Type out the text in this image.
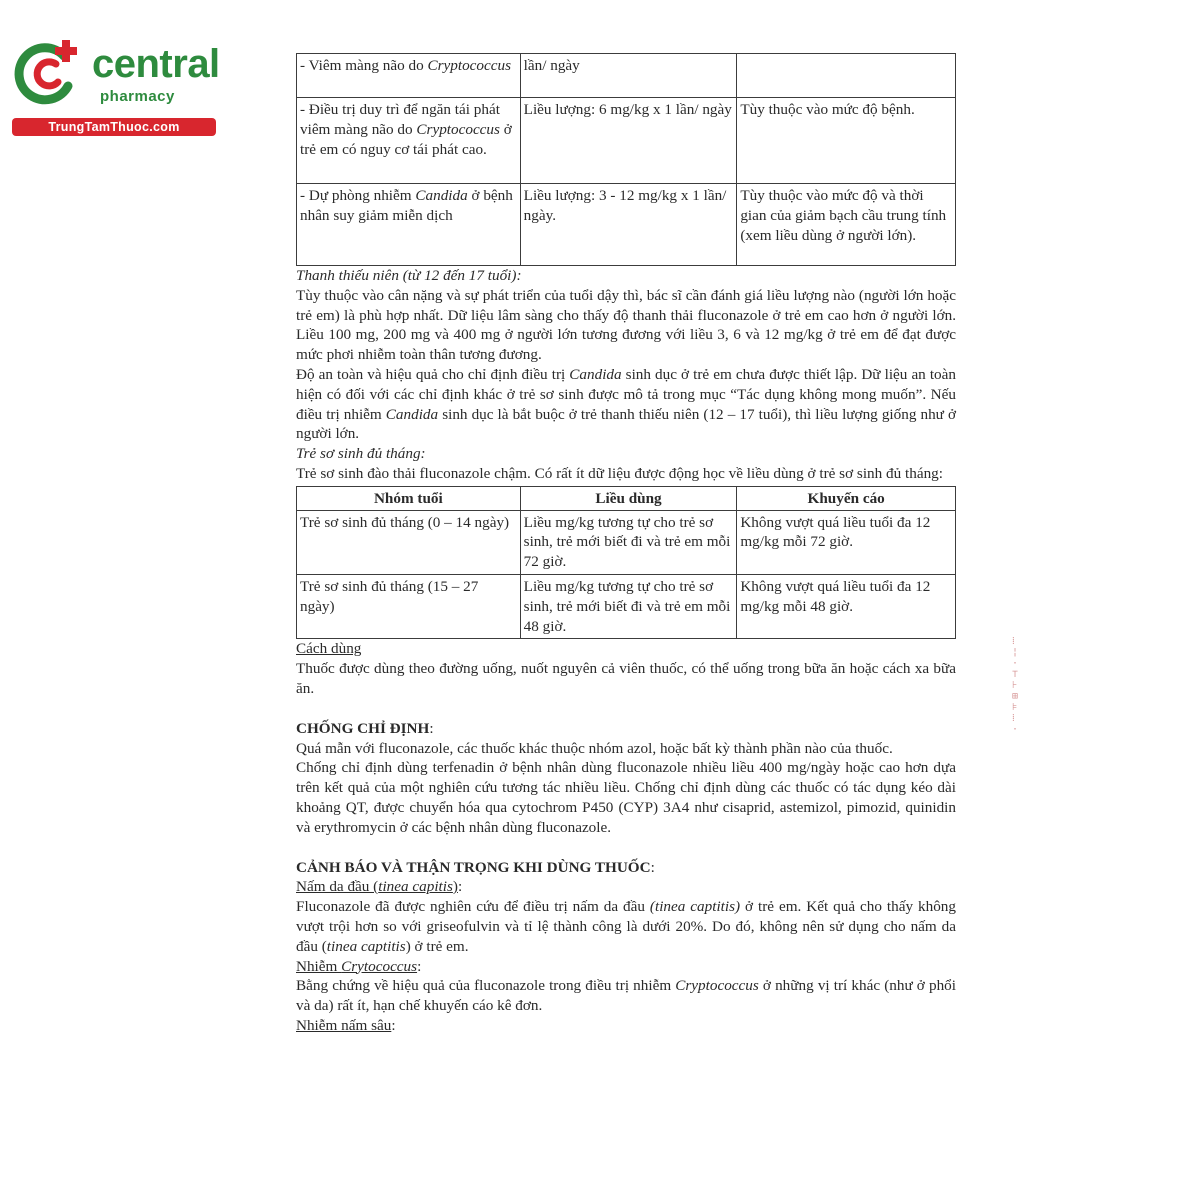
central
pharmacy
TrungTamThuoc.com
- Viêm màng não do Cryptococcus	lần/ ngày	
- Điều trị duy trì để ngăn tái phát viêm màng não do Cryptococcus ở trẻ em có nguy cơ tái phát cao.	Liều lượng: 6 mg/kg x 1 lần/ ngày	Tùy thuộc vào mức độ bệnh.
- Dự phòng nhiễm Candida ở bệnh nhân suy giảm miễn dịch	Liều lượng: 3 - 12 mg/kg x 1 lần/ ngày.	Tùy thuộc vào mức độ và thời gian của giảm bạch cầu trung tính (xem liều dùng ở người lớn).

Thanh thiếu niên (từ 12 đến 17 tuổi):

Tùy thuộc vào cân nặng và sự phát triển của tuổi dậy thì, bác sĩ cần đánh giá liều lượng nào (người lớn hoặc trẻ em) là phù hợp nhất. Dữ liệu lâm sàng cho thấy độ thanh thải fluconazole ở trẻ em cao hơn ở người lớn. Liều 100 mg, 200 mg và 400 mg ở người lớn tương đương với liều 3, 6 và 12 mg/kg ở trẻ em để đạt được mức phơi nhiễm toàn thân tương đương.

Độ an toàn và hiệu quả cho chỉ định điều trị Candida sinh dục ở trẻ em chưa được thiết lập. Dữ liệu an toàn hiện có đối với các chỉ định khác ở trẻ sơ sinh được mô tả trong mục “Tác dụng không mong muốn”. Nếu điều trị nhiễm Candida sinh dục là bắt buộc ở trẻ thanh thiếu niên (12 – 17 tuổi), thì liều lượng giống như ở người lớn.

Trẻ sơ sinh đủ tháng:

Trẻ sơ sinh đào thải fluconazole chậm. Có rất ít dữ liệu được động học về liều dùng ở trẻ sơ sinh đủ tháng:

Nhóm tuổi	Liều dùng	Khuyến cáo
Trẻ sơ sinh đủ tháng (0 – 14 ngày)	Liều mg/kg tương tự cho trẻ sơ sinh, trẻ mới biết đi và trẻ em mỗi 72 giờ.	Không vượt quá liều tuổi đa 12 mg/kg mỗi 72 giờ.
Trẻ sơ sinh đủ tháng (15 – 27 ngày)	Liều mg/kg tương tự cho trẻ sơ sinh, trẻ mới biết đi và trẻ em mỗi 48 giờ.	Không vượt quá liều tuổi đa 12 mg/kg mỗi 48 giờ.

Cách dùng

Thuốc được dùng theo đường uống, nuốt nguyên cả viên thuốc, có thể uống trong bữa ăn hoặc cách xa bữa ăn.

CHỐNG CHỈ ĐỊNH:

Quá mẫn với fluconazole, các thuốc khác thuộc nhóm azol, hoặc bất kỳ thành phần nào của thuốc.

Chống chỉ định dùng terfenadin ở bệnh nhân dùng fluconazole nhiều liều 400 mg/ngày hoặc cao hơn dựa trên kết quả của một nghiên cứu tương tác nhiều liều. Chống chỉ định dùng các thuốc có tác dụng kéo dài khoảng QT, được chuyển hóa qua cytochrom P450 (CYP) 3A4 như cisaprid, astemizol, pimozid, quinidin và erythromycin ở các bệnh nhân dùng fluconazole.

CẢNH BÁO VÀ THẬN TRỌNG KHI DÙNG THUỐC:

Nấm da đầu (tinea capitis):

Fluconazole đã được nghiên cứu để điều trị nấm da đầu (tinea captitis) ở trẻ em. Kết quả cho thấy không vượt trội hơn so với griseofulvin và tỉ lệ thành công là dưới 20%. Do đó, không nên sử dụng cho nấm da đầu (tinea captitis) ở trẻ em.

Nhiễm Crytococcus:

Bằng chứng về hiệu quả của fluconazole trong điều trị nhiễm Cryptococcus ở những vị trí khác (như ở phổi và da) rất ít, hạn chế khuyến cáo kê đơn.

Nhiễm nấm sâu:

⁞
¦
·
⊤
⊦
⊞
⊧
⁞
·
